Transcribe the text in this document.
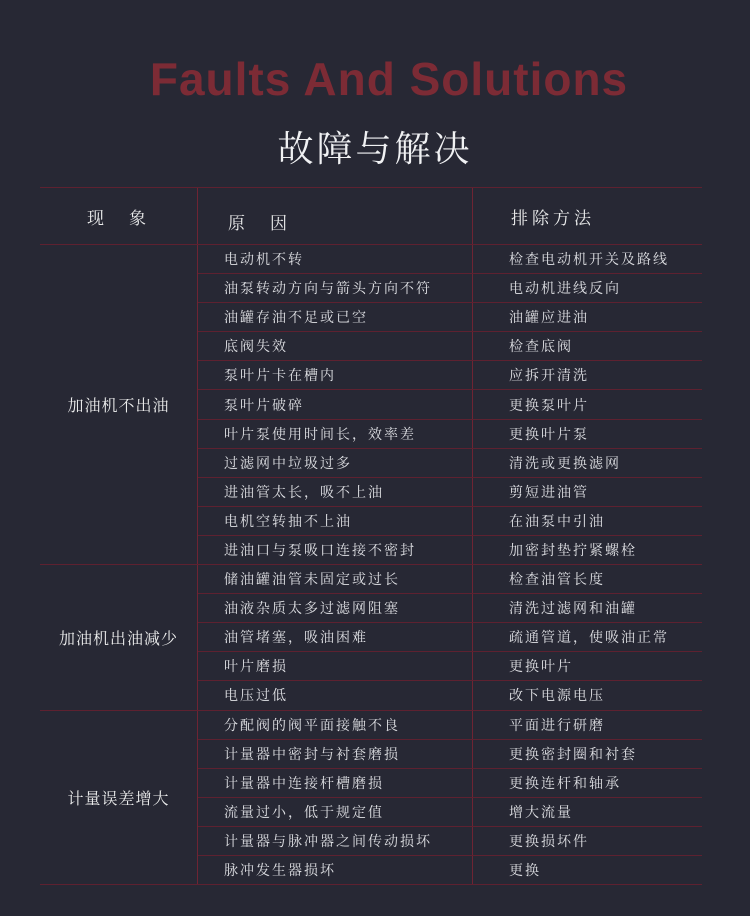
Faults And Solutions
故障与解决
现　象	原　因	排除方法
加油机不出油
电动机不转	检查电动机开关及路线
油泵转动方向与箭头方向不符	电动机进线反向
油罐存油不足或已空	油罐应进油
底阀失效	检查底阀
泵叶片卡在槽内	应拆开清洗
泵叶片破碎	更换泵叶片
叶片泵使用时间长，效率差	更换叶片泵
过滤网中垃圾过多	清洗或更换滤网
进油管太长，吸不上油	剪短进油管
电机空转抽不上油	在油泵中引油
进油口与泵吸口连接不密封	加密封垫拧紧螺栓
加油机出油减少
储油罐油管未固定或过长	检查油管长度
油液杂质太多过滤网阻塞	清洗过滤网和油罐
油管堵塞，吸油困难	疏通管道，使吸油正常
叶片磨损	更换叶片
电压过低	改下电源电压
计量误差增大
分配阀的阀平面接触不良	平面进行研磨
计量器中密封与衬套磨损	更换密封圈和衬套
计量器中连接杆槽磨损	更换连杆和轴承
流量过小，低于规定值	增大流量
计量器与脉冲器之间传动损坏	更换损坏件
脉冲发生器损坏	更换
